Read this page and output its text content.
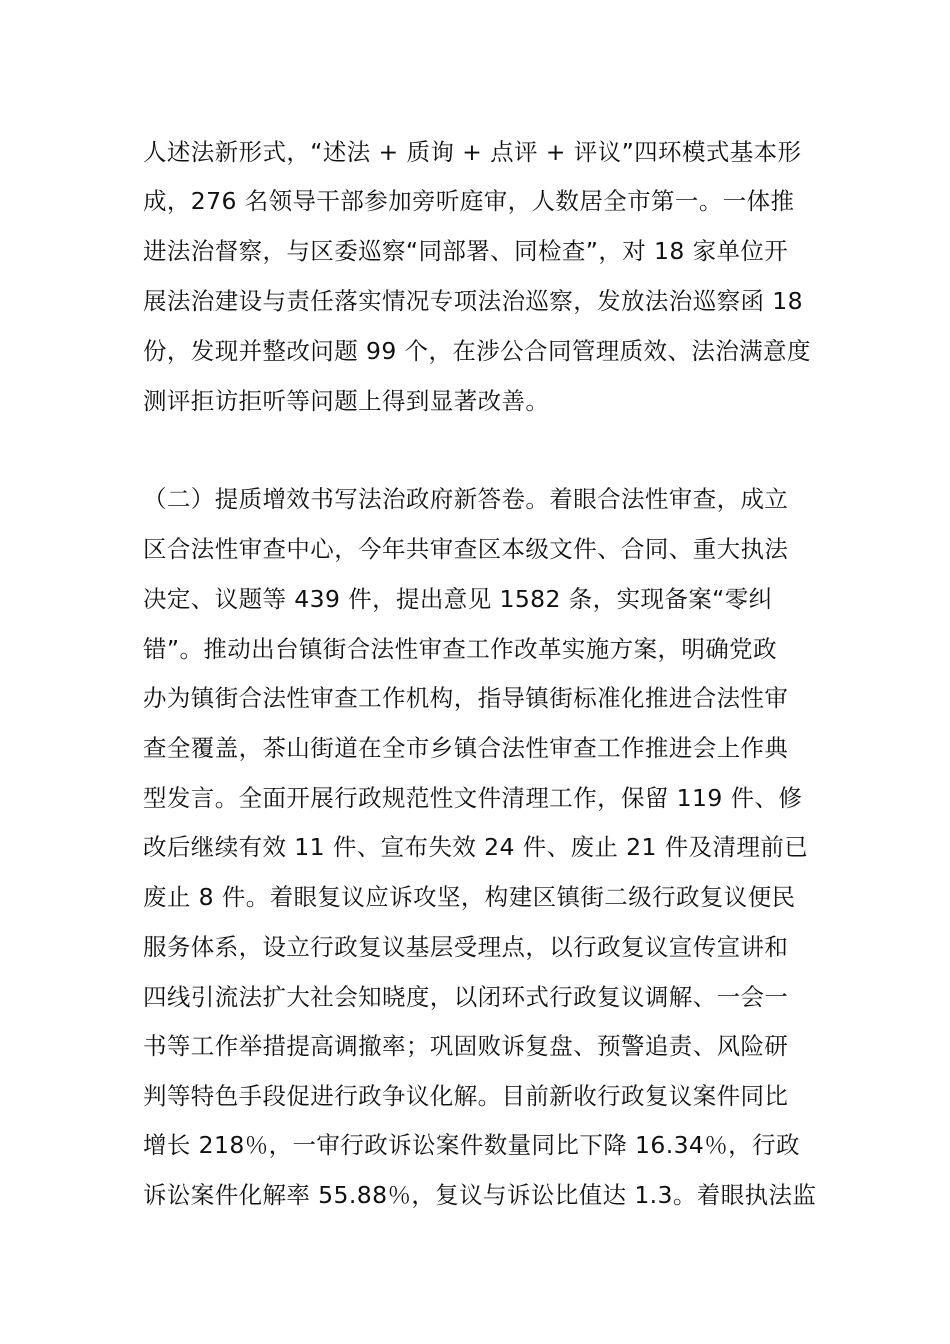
人述法新形式，“述法 + 质询 + 点评 + 评议”四环模式基本形
成，276 名领导干部参加旁听庭审，人数居全市第一。一体推
进法治督察，与区委巡察“同部署、同检查”，对 18 家单位开
展法治建设与责任落实情况专项法治巡察，发放法治巡察函 18
份，发现并整改问题 99 个，在涉公合同管理质效、法治满意度
测评拒访拒听等问题上得到显著改善。
（二）提质增效书写法治政府新答卷。着眼合法性审查，成立
区合法性审查中心，今年共审查区本级文件、合同、重大执法
决定、议题等 439 件，提出意见 1582 条，实现备案“零纠
错”。推动出台镇街合法性审查工作改革实施方案，明确党政
办为镇街合法性审查工作机构，指导镇街标准化推进合法性审
查全覆盖，茶山街道在全市乡镇合法性审查工作推进会上作典
型发言。全面开展行政规范性文件清理工作，保留 119 件、修
改后继续有效 11 件、宣布失效 24 件、废止 21 件及清理前已
废止 8 件。着眼复议应诉攻坚，构建区镇街二级行政复议便民
服务体系，设立行政复议基层受理点，以行政复议宣传宣讲和
四线引流法扩大社会知晓度，以闭环式行政复议调解、一会一
书等工作举措提高调撤率；巩固败诉复盘、预警追责、风险研
判等特色手段促进行政争议化解。目前新收行政复议案件同比
增长 218％，一审行政诉讼案件数量同比下降 16.34％，行政
诉讼案件化解率 55.88％，复议与诉讼比值达 1.3。着眼执法监
